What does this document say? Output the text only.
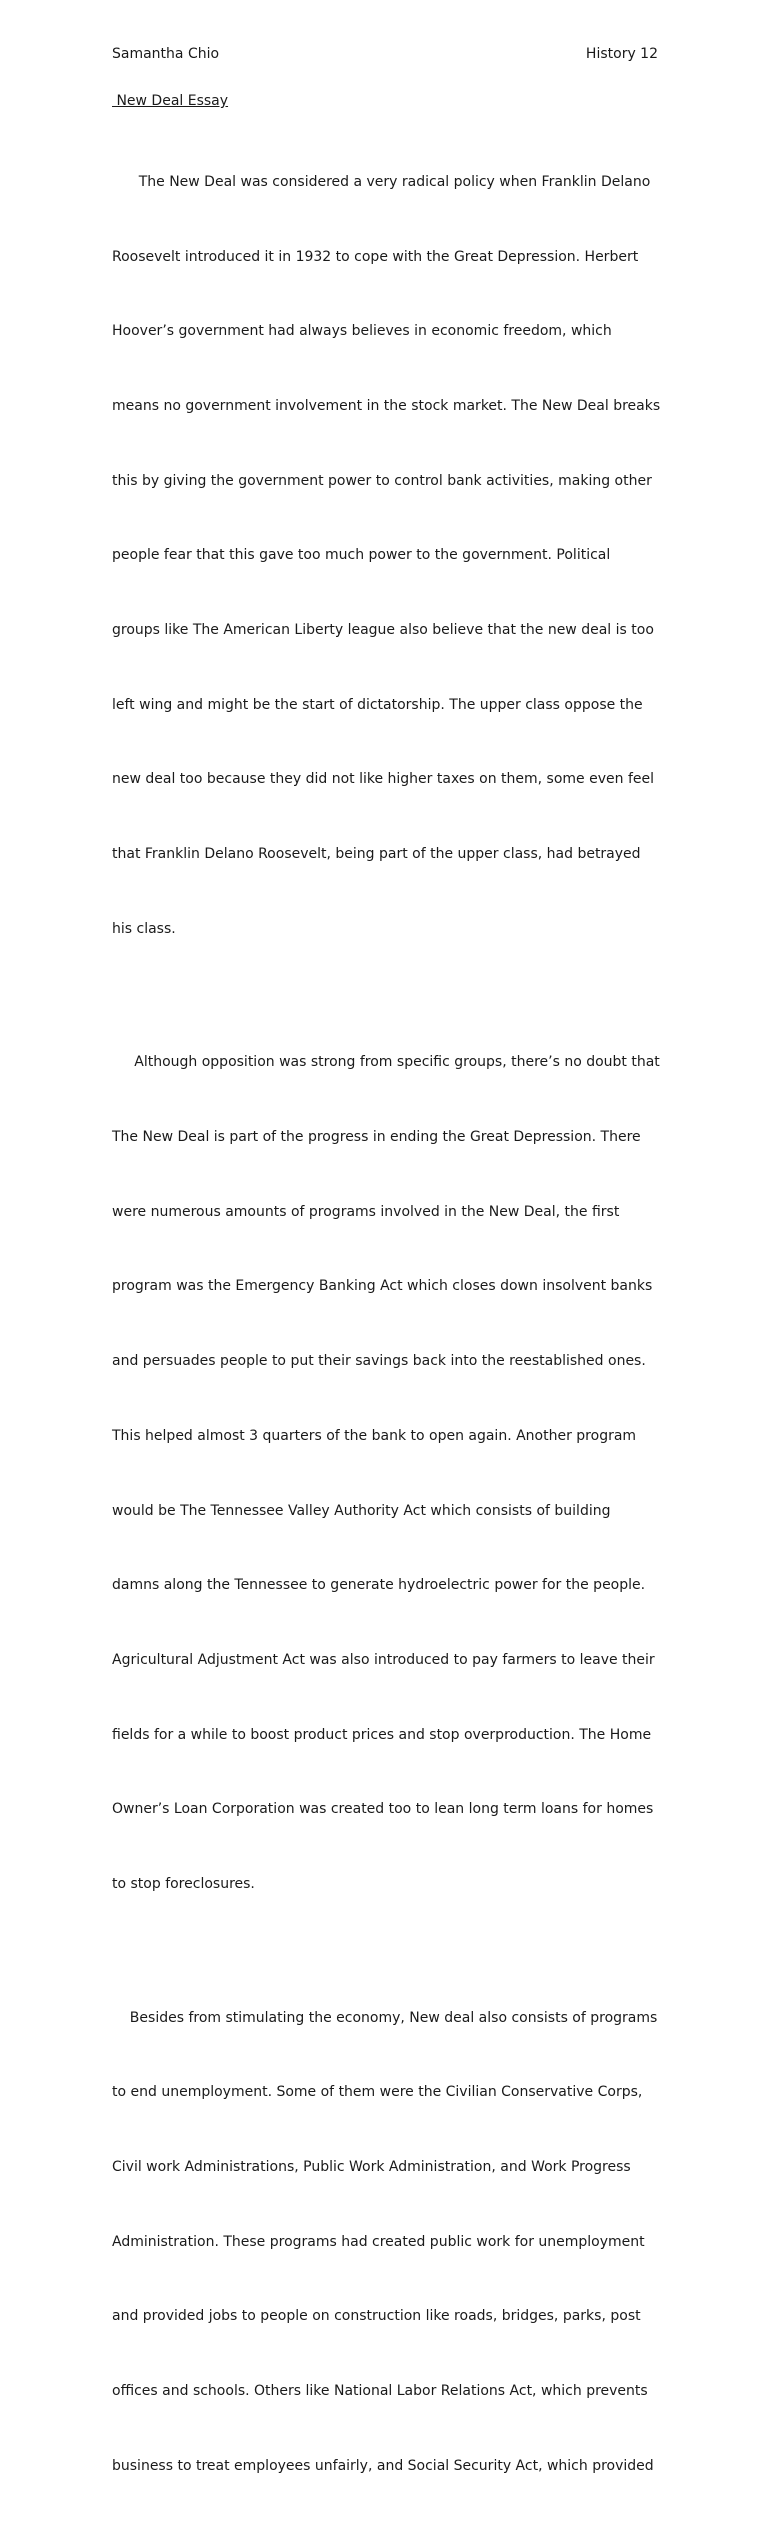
Samantha Chio	History 12
New Deal Essay

The New Deal was considered a very radical policy when Franklin Delano

Roosevelt introduced it in 1932 to cope with the Great Depression. Herbert

Hoover’s government had always believes in economic freedom, which

means no government involvement in the stock market. The New Deal breaks

this by giving the government power to control bank activities, making other

people fear that this gave too much power to the government. Political

groups like The American Liberty league also believe that the new deal is too

left wing and might be the start of dictatorship. The upper class oppose the

new deal too because they did not like higher taxes on them, some even feel

that Franklin Delano Roosevelt, being part of the upper class, had betrayed

his class.

Although opposition was strong from specific groups, there’s no doubt that

The New Deal is part of the progress in ending the Great Depression. There

were numerous amounts of programs involved in the New Deal, the first

program was the Emergency Banking Act which closes down insolvent banks

and persuades people to put their savings back into the reestablished ones.

This helped almost 3 quarters of the bank to open again. Another program

would be The Tennessee Valley Authority Act which consists of building

damns along the Tennessee to generate hydroelectric power for the people.

Agricultural Adjustment Act was also introduced to pay farmers to leave their

fields for a while to boost product prices and stop overproduction. The Home

Owner’s Loan Corporation was created too to lean long term loans for homes

to stop foreclosures.

Besides from stimulating the economy, New deal also consists of programs

to end unemployment. Some of them were the Civilian Conservative Corps,

Civil work Administrations, Public Work Administration, and Work Progress

Administration. These programs had created public work for unemployment

and provided jobs to people on construction like roads, bridges, parks, post

offices and schools. Others like National Labor Relations Act, which prevents

business to treat employees unfairly, and Social Security Act, which provided
